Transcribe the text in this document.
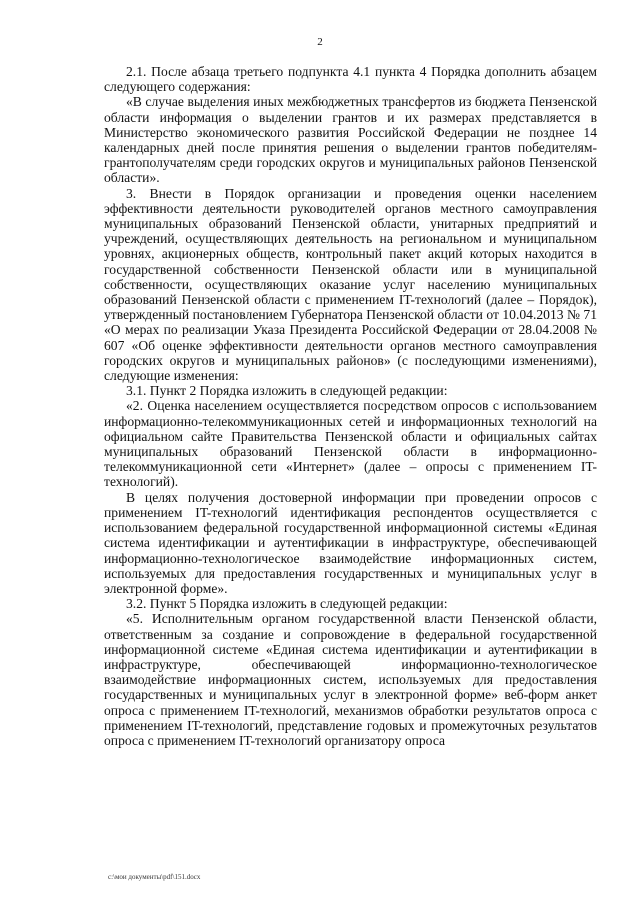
2

2.1. После абзаца третьего подпункта 4.1 пункта 4 Порядка дополнить абзацем следующего содержания:

«В случае выделения иных межбюджетных трансфертов из бюджета Пензенской области информация о выделении грантов и их размерах представляется в Министерство экономического развития Российской Федерации не позднее 14 календарных дней после принятия решения о выделении грантов победителям-грантополучателям среди городских округов и муниципальных районов Пензенской области».

3. Внести в Порядок организации и проведения оценки населением эффективности деятельности руководителей органов местного самоуправления муниципальных образований Пензенской области, унитарных предприятий и учреждений, осуществляющих деятельность на региональном и муниципальном уровнях, акционерных обществ, контрольный пакет акций которых находится в государственной собственности Пензенской области или в муниципальной собственности, осуществляющих оказание услуг населению муниципальных образований Пензенской области с применением IT-технологий (далее – Порядок), утвержденный постановлением Губернатора Пензенской области от 10.04.2013 № 71 «О мерах по реализации Указа Президента Российской Федерации от 28.04.2008 № 607 «Об оценке эффективности деятельности органов местного самоуправления городских округов и муниципальных районов» (с последующими изменениями), следующие изменения:

3.1. Пункт 2 Порядка изложить в следующей редакции:

«2. Оценка населением осуществляется посредством опросов с использованием информационно-телекоммуникационных сетей и информационных технологий на официальном сайте Правительства Пензенской области и официальных сайтах муниципальных образований Пензенской области в информационно-телекоммуникационной сети «Интернет» (далее – опросы с применением IT-технологий).

В целях получения достоверной информации при проведении опросов с применением IT-технологий идентификация респондентов осуществляется с использованием федеральной государственной информационной системы «Единая система идентификации и аутентификации в инфраструктуре, обеспечивающей информационно-технологическое взаимодействие информационных систем, используемых для предоставления государственных и муниципальных услуг в электронной форме».

3.2. Пункт 5 Порядка изложить в следующей редакции:

«5. Исполнительным органом государственной власти Пензенской области, ответственным за создание и сопровождение в федеральной государственной информационной системе «Единая система идентификации и аутентификации в инфраструктуре, обеспечивающей информационно-технологическое взаимодействие информационных систем, используемых для предоставления государственных и муниципальных услуг в электронной форме» веб-форм анкет опроса с применением IT-технологий, механизмов обработки результатов опроса с применением IT-технологий, представление годовых и промежуточных результатов опроса с применением IT-технологий организатору опроса

c:\мои документы\pdf\151.docx
